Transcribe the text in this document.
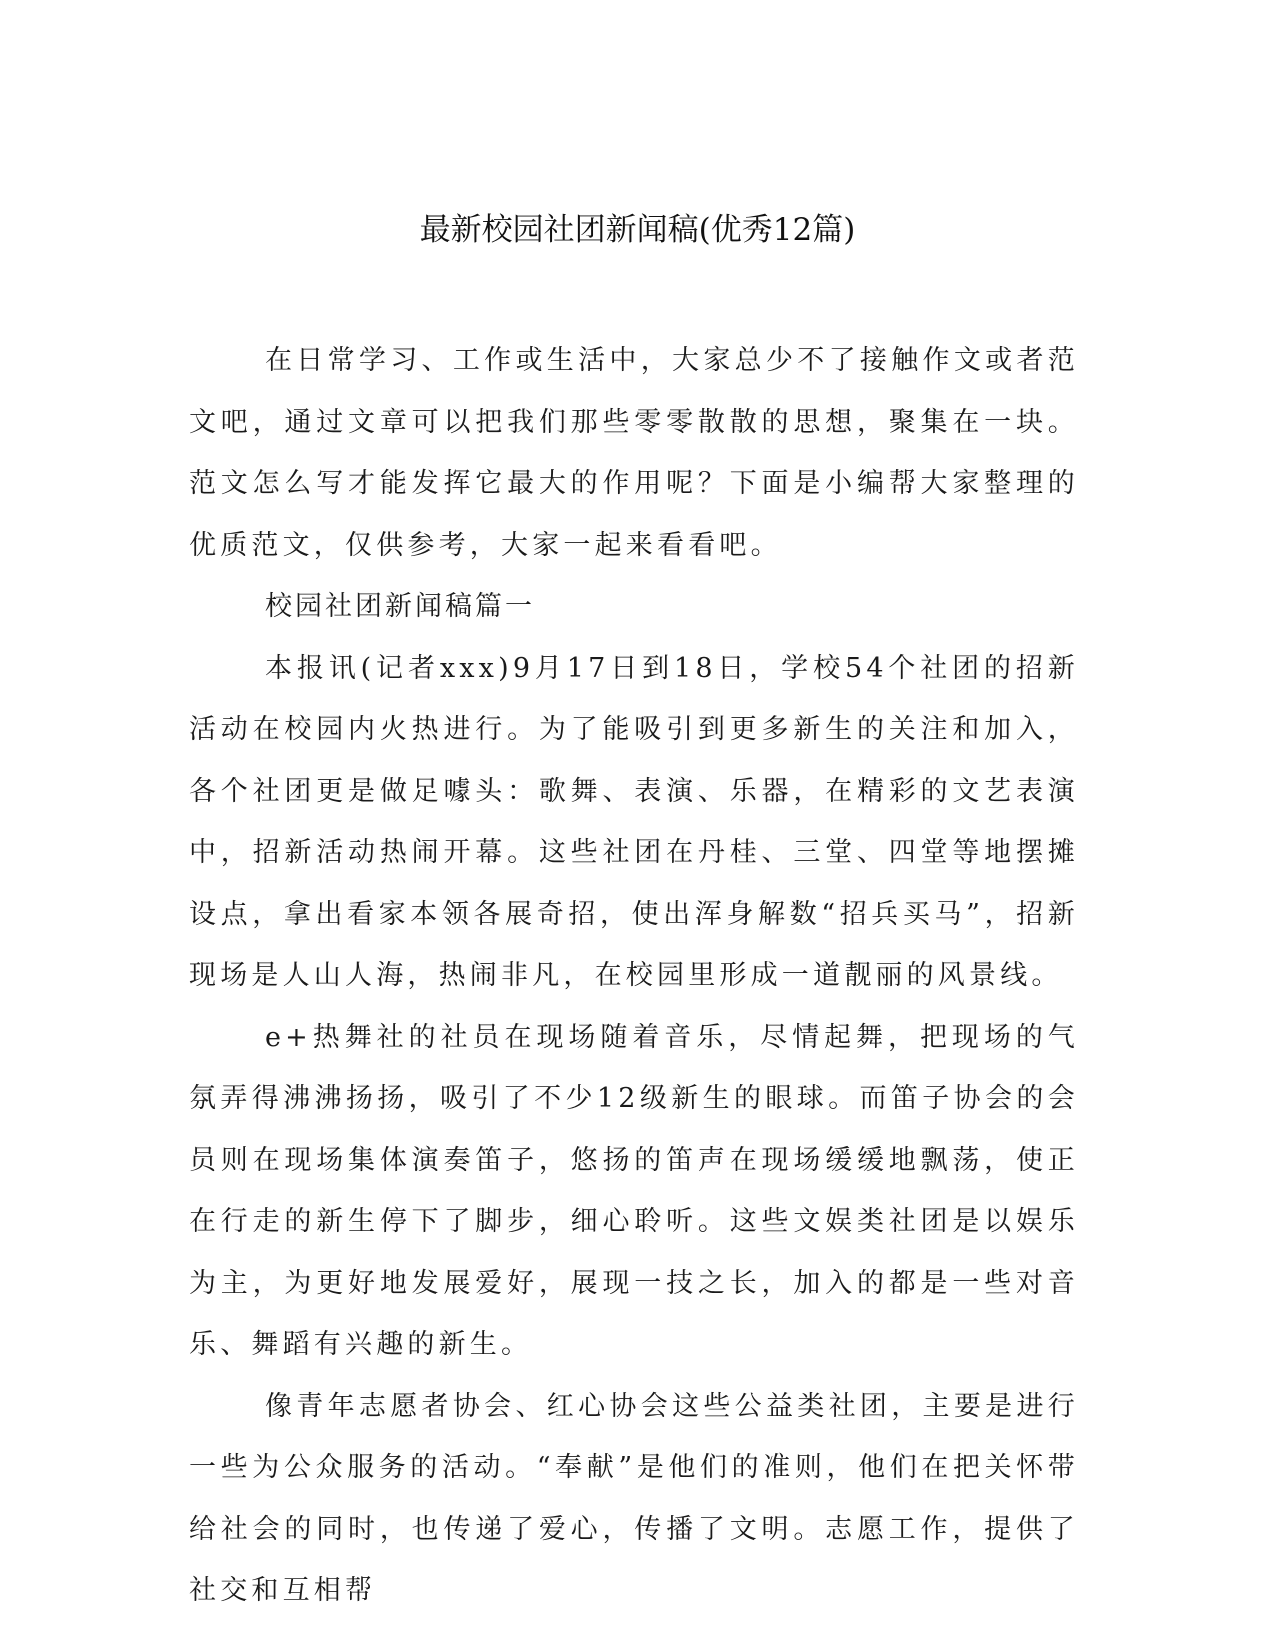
最新校园社团新闻稿(优秀12篇)

在日常学习、工作或生活中，大家总少不了接触作文或者范文吧，通过文章可以把我们那些零零散散的思想，聚集在一块。范文怎么写才能发挥它最大的作用呢？下面是小编帮大家整理的优质范文，仅供参考，大家一起来看看吧。

校园社团新闻稿篇一

本报讯(记者xxx)9月17日到18日，学校54个社团的招新活动在校园内火热进行。为了能吸引到更多新生的关注和加入，各个社团更是做足噱头：歌舞、表演、乐器，在精彩的文艺表演中，招新活动热闹开幕。这些社团在丹桂、三堂、四堂等地摆摊设点，拿出看家本领各展奇招，使出浑身解数“招兵买马”，招新现场是人山人海，热闹非凡，在校园里形成一道靓丽的风景线。

e+热舞社的社员在现场随着音乐，尽情起舞，把现场的气氛弄得沸沸扬扬，吸引了不少12级新生的眼球。而笛子协会的会员则在现场集体演奏笛子，悠扬的笛声在现场缓缓地飘荡，使正在行走的新生停下了脚步，细心聆听。这些文娱类社团是以娱乐为主，为更好地发展爱好，展现一技之长，加入的都是一些对音乐、舞蹈有兴趣的新生。

像青年志愿者协会、红心协会这些公益类社团，主要是进行一些为公众服务的活动。“奉献”是他们的准则，他们在把关怀带给社会的同时，也传递了爱心，传播了文明。志愿工作，提供了社交和互相帮
